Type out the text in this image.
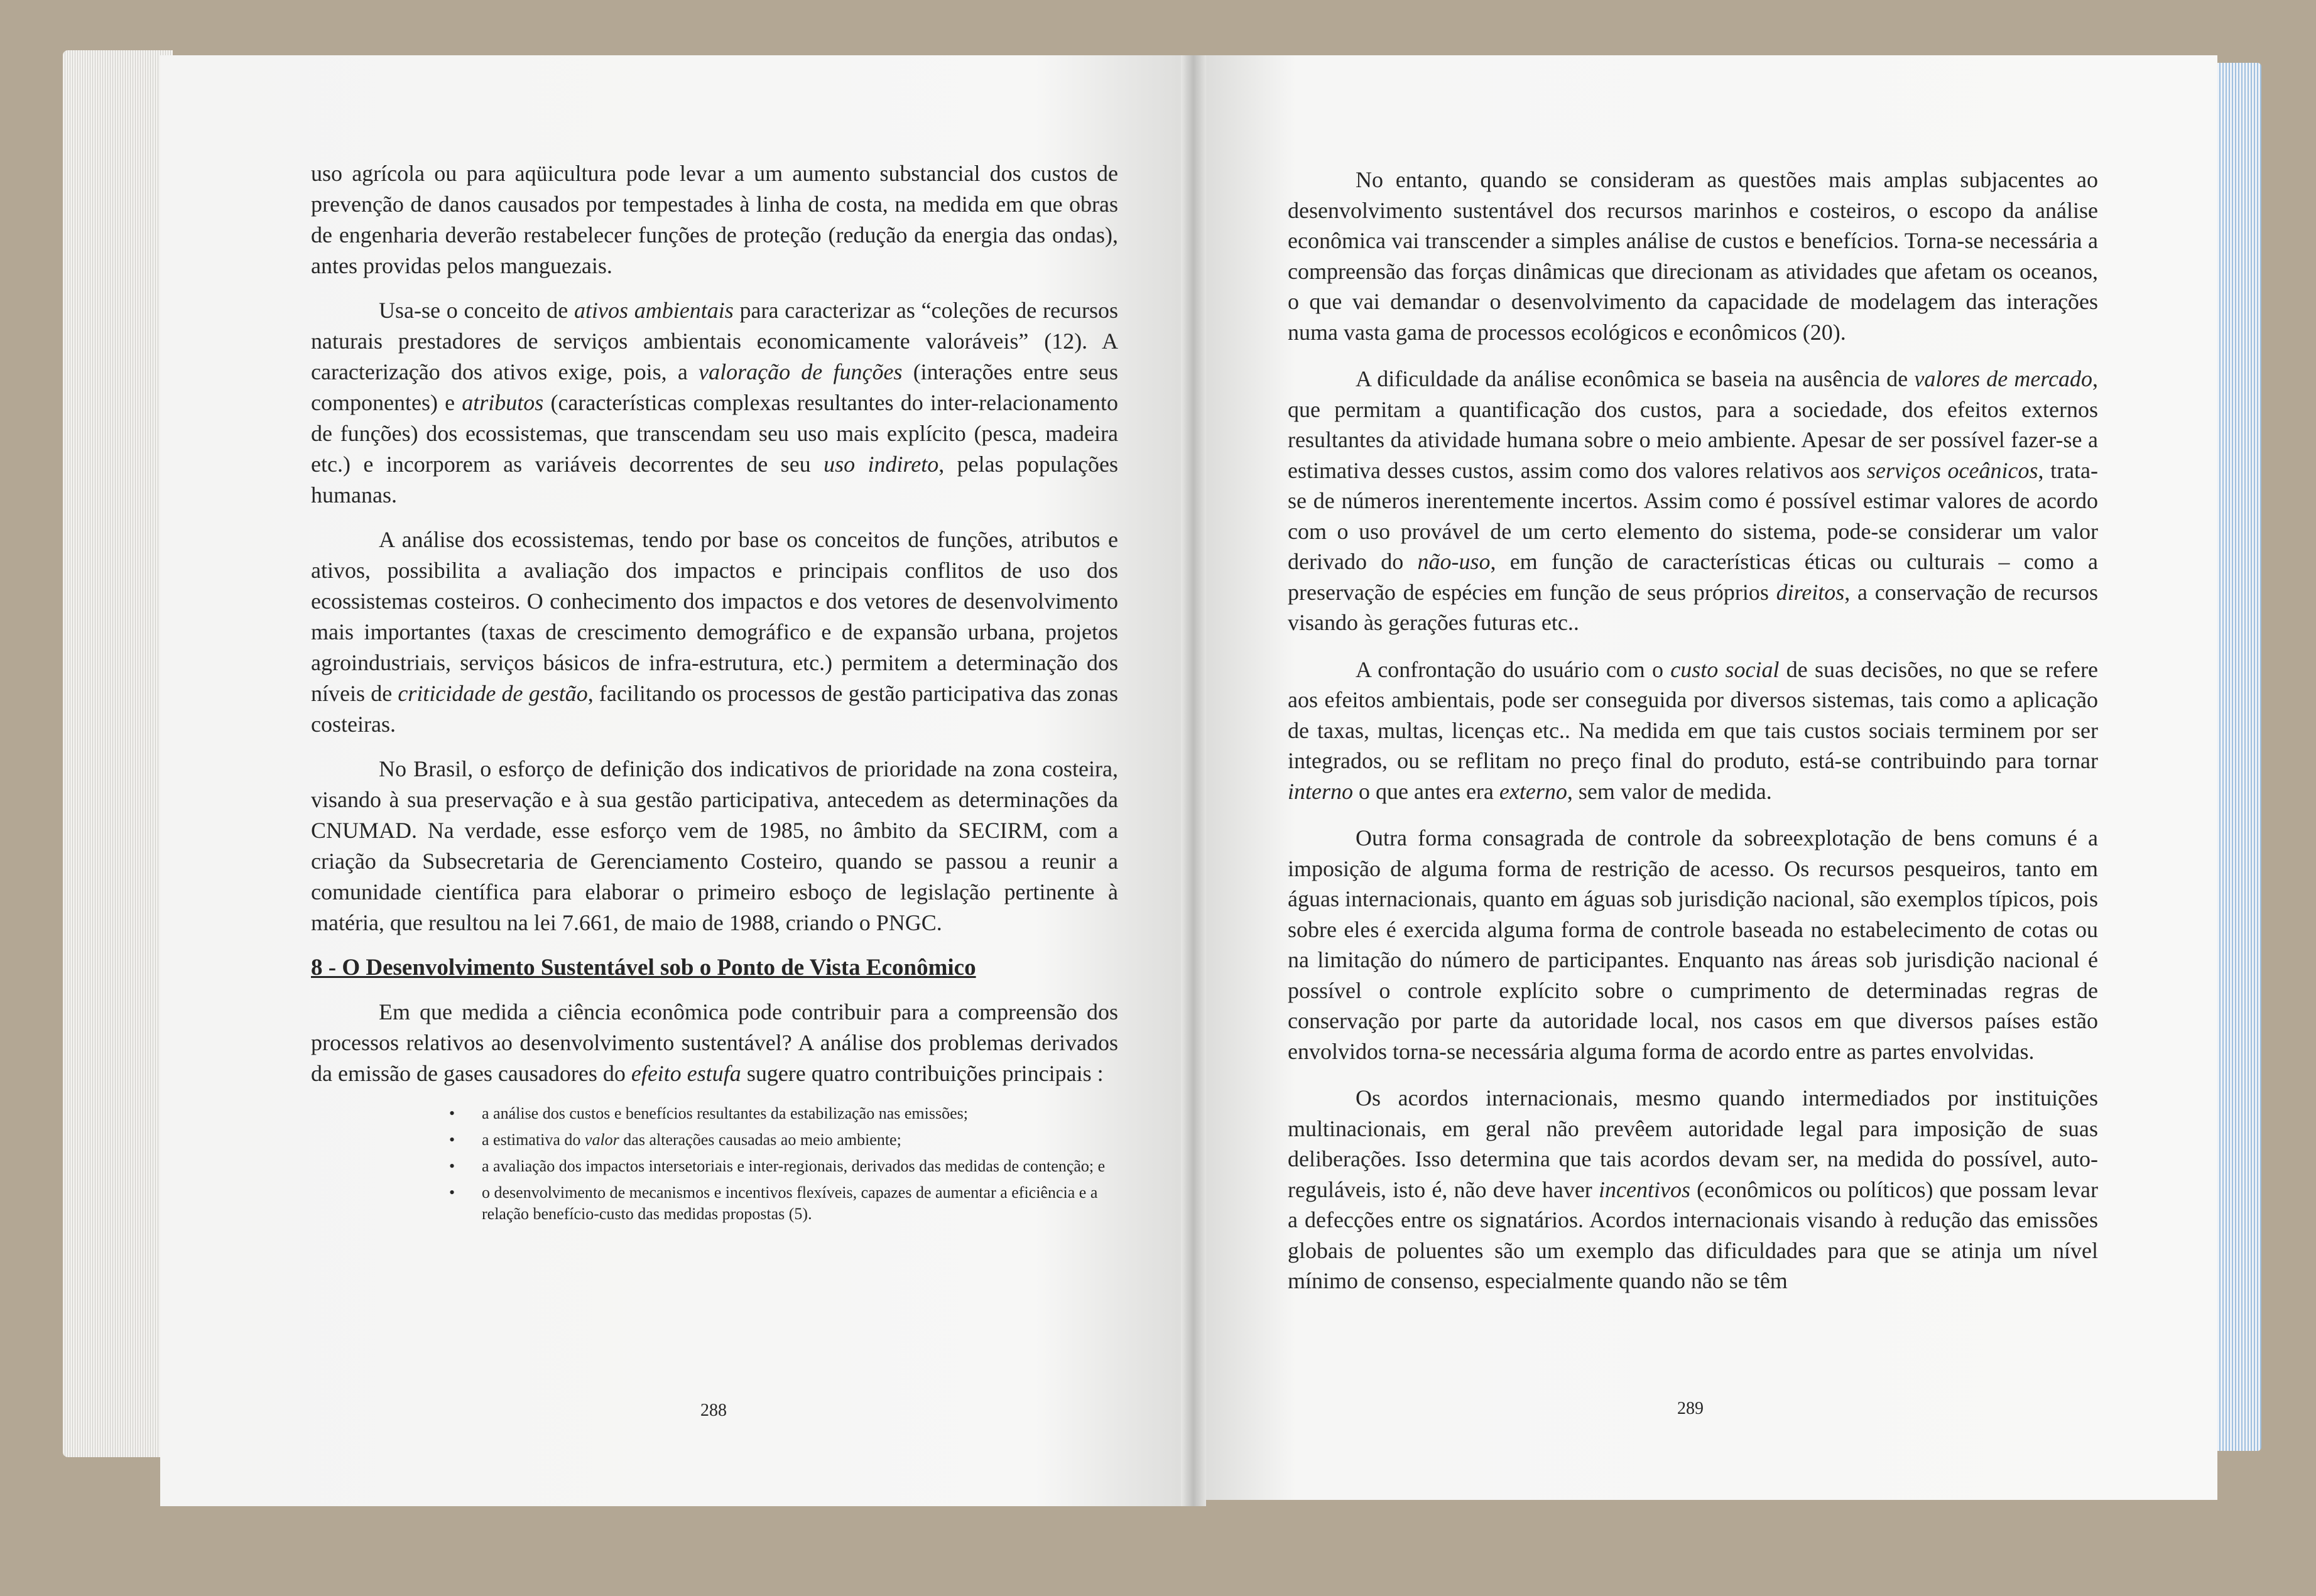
uso agrícola ou para aqüicultura pode levar a um aumento substancial dos custos de prevenção de danos causados por tempestades à linha de costa, na medida em que obras de engenharia deverão restabelecer funções de proteção (redução da energia das ondas), antes providas pelos manguezais.

Usa-se o conceito de ativos ambientais para caracterizar as “coleções de recursos naturais prestadores de serviços ambientais economicamente valoráveis” (12). A caracterização dos ativos exige, pois, a valoração de funções (interações entre seus componentes) e atributos (características complexas resultantes do inter-relacionamento de funções) dos ecossistemas, que transcendam seu uso mais explícito (pesca, madeira etc.) e incorporem as variáveis decorrentes de seu uso indireto, pelas populações humanas.

A análise dos ecossistemas, tendo por base os conceitos de funções, atributos e ativos, possibilita a avaliação dos impactos e principais conflitos de uso dos ecossistemas costeiros. O conhecimento dos impactos e dos vetores de desenvolvimento mais importantes (taxas de crescimento demográfico e de expansão urbana, projetos agroindustriais, serviços básicos de infra-estrutura, etc.) permitem a determinação dos níveis de criticidade de gestão, facilitando os processos de gestão participativa das zonas costeiras.

No Brasil, o esforço de definição dos indicativos de prioridade na zona costeira, visando à sua preservação e à sua gestão participativa, antecedem as determinações da CNUMAD. Na verdade, esse esforço vem de 1985, no âmbito da SECIRM, com a criação da Subsecretaria de Gerenciamento Costeiro, quando se passou a reunir a comunidade científica para elaborar o primeiro esboço de legislação pertinente à matéria, que resultou na lei 7.661, de maio de 1988, criando o PNGC.

8 - O Desenvolvimento Sustentável sob o Ponto de Vista Econômico

Em que medida a ciência econômica pode contribuir para a compreensão dos processos relativos ao desenvolvimento sustentável? A análise dos problemas derivados da emissão de gases causadores do efeito estufa sugere quatro contribuições principais :

• a análise dos custos e benefícios resultantes da estabilização nas emissões;
• a estimativa do valor das alterações causadas ao meio ambiente;
• a avaliação dos impactos intersetoriais e inter-regionais, derivados das medidas de contenção; e
• o desenvolvimento de mecanismos e incentivos flexíveis, capazes de aumentar a eficiência e a relação benefício-custo das medidas propostas (5).
288

No entanto, quando se consideram as questões mais amplas subjacentes ao desenvolvimento sustentável dos recursos marinhos e costeiros, o escopo da análise econômica vai transcender a simples análise de custos e benefícios. Torna-se necessária a compreensão das forças dinâmicas que direcionam as atividades que afetam os oceanos, o que vai demandar o desenvolvimento da capacidade de modelagem das interações numa vasta gama de processos ecológicos e econômicos (20).

A dificuldade da análise econômica se baseia na ausência de valores de mercado, que permitam a quantificação dos custos, para a sociedade, dos efeitos externos resultantes da atividade humana sobre o meio ambiente. Apesar de ser possível fazer-se a estimativa desses custos, assim como dos valores relativos aos serviços oceânicos, trata-se de números inerentemente incertos. Assim como é possível estimar valores de acordo com o uso provável de um certo elemento do sistema, pode-se considerar um valor derivado do não-uso, em função de características éticas ou culturais – como a preservação de espécies em função de seus próprios direitos, a conservação de recursos visando às gerações futuras etc..

A confrontação do usuário com o custo social de suas decisões, no que se refere aos efeitos ambientais, pode ser conseguida por diversos sistemas, tais como a aplicação de taxas, multas, licenças etc.. Na medida em que tais custos sociais terminem por ser integrados, ou se reflitam no preço final do produto, está-se contribuindo para tornar interno o que antes era externo, sem valor de medida.

Outra forma consagrada de controle da sobreexplotação de bens comuns é a imposição de alguma forma de restrição de acesso. Os recursos pesqueiros, tanto em águas internacionais, quanto em águas sob jurisdição nacional, são exemplos típicos, pois sobre eles é exercida alguma forma de controle baseada no estabelecimento de cotas ou na limitação do número de participantes. Enquanto nas áreas sob jurisdição nacional é possível o controle explícito sobre o cumprimento de determinadas regras de conservação por parte da autoridade local, nos casos em que diversos países estão envolvidos torna-se necessária alguma forma de acordo entre as partes envolvidas.

Os acordos internacionais, mesmo quando intermediados por instituições multinacionais, em geral não prevêem autoridade legal para imposição de suas deliberações. Isso determina que tais acordos devam ser, na medida do possível, auto-reguláveis, isto é, não deve haver incentivos (econômicos ou políticos) que possam levar a defecções entre os signatários. Acordos internacionais visando à redução das emissões globais de poluentes são um exemplo das dificuldades para que se atinja um nível mínimo de consenso, especialmente quando não se têm

289
